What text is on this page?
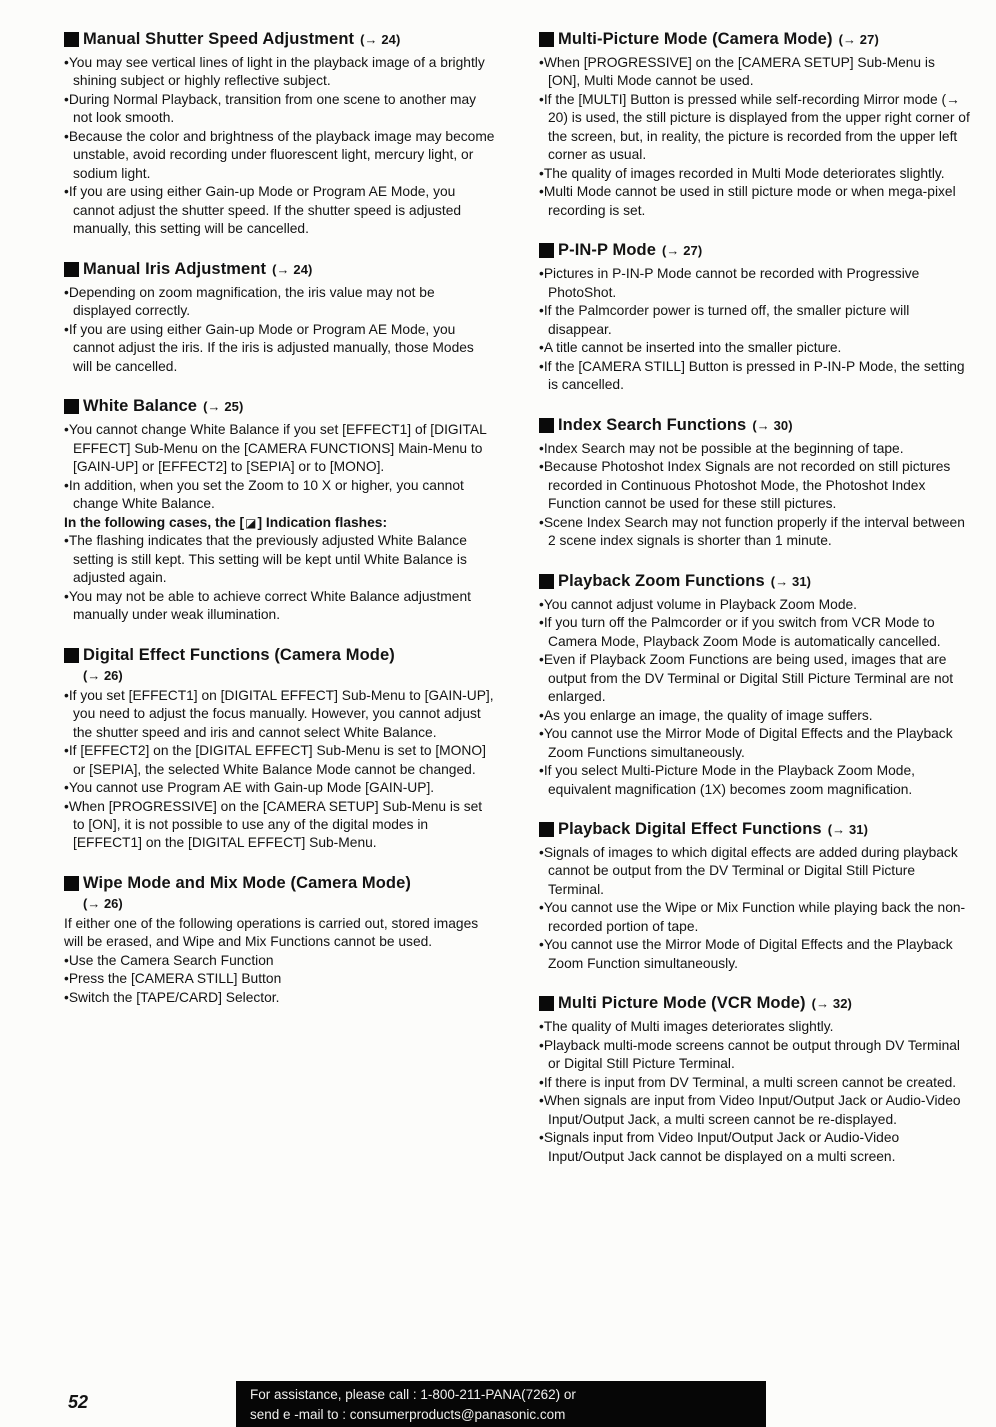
Manual Shutter Speed Adjustment (→ 24)
•You may see vertical lines of light in the playback image of a brightly shining subject or highly reflective subject.
•During Normal Playback, transition from one scene to another may not look smooth.
•Because the color and brightness of the playback image may become unstable, avoid recording under fluorescent light, mercury light, or sodium light.
•If you are using either Gain-up Mode or Program AE Mode, you cannot adjust the shutter speed. If the shutter speed is adjusted manually, this setting will be cancelled.
Manual Iris Adjustment (→ 24)
•Depending on zoom magnification, the iris value may not be displayed correctly.
•If you are using either Gain-up Mode or Program AE Mode, you cannot adjust the iris. If the iris is adjusted manually, those Modes will be cancelled.
White Balance (→ 25)
•You cannot change White Balance if you set [EFFECT1] of [DIGITAL EFFECT] Sub-Menu on the [CAMERA FUNCTIONS] Main-Menu to [GAIN-UP] or [EFFECT2] to [SEPIA] or to [MONO].
•In addition, when you set the Zoom to 10 X or higher, you cannot change White Balance.
In the following cases, the [◪] Indication flashes:
•The flashing indicates that the previously adjusted White Balance setting is still kept. This setting will be kept until White Balance is adjusted again.
•You may not be able to achieve correct White Balance adjustment manually under weak illumination.
Digital Effect Functions (Camera Mode)
(→ 26)
•If you set [EFFECT1] on [DIGITAL EFFECT] Sub-Menu to [GAIN-UP], you need to adjust the focus manually. However, you cannot adjust the shutter speed and iris and cannot select White Balance.
•If [EFFECT2] on the [DIGITAL EFFECT] Sub-Menu is set to [MONO] or [SEPIA], the selected White Balance Mode cannot be changed.
•You cannot use Program AE with Gain-up Mode [GAIN-UP].
•When [PROGRESSIVE] on the [CAMERA SETUP] Sub-Menu is set to [ON], it is not possible to use any of the digital modes in [EFFECT1] on the [DIGITAL EFFECT] Sub-Menu.
Wipe Mode and Mix Mode (Camera Mode)
(→ 26)
If either one of the following operations is carried out, stored images will be erased, and Wipe and Mix Functions cannot be used.
•Use the Camera Search Function
•Press the [CAMERA STILL] Button
•Switch the [TAPE/CARD] Selector.
Multi-Picture Mode (Camera Mode) (→ 27)
•When [PROGRESSIVE] on the [CAMERA SETUP] Sub-Menu is [ON], Multi Mode cannot be used.
•If the [MULTI] Button is pressed while self-recording Mirror mode (→ 20) is used, the still picture is displayed from the upper right corner of the screen, but, in reality, the picture is recorded from the upper left corner as usual.
•The quality of images recorded in Multi Mode deteriorates slightly.
•Multi Mode cannot be used in still picture mode or when mega-pixel recording is set.
P-IN-P Mode (→ 27)
•Pictures in P-IN-P Mode cannot be recorded with Progressive PhotoShot.
•If the Palmcorder power is turned off, the smaller picture will disappear.
•A title cannot be inserted into the smaller picture.
•If the [CAMERA STILL] Button is pressed in P-IN-P Mode, the setting is cancelled.
Index Search Functions (→ 30)
•Index Search may not be possible at the beginning of tape.
•Because Photoshot Index Signals are not recorded on still pictures recorded in Continuous Photoshot Mode, the Photoshot Index Function cannot be used for these still pictures.
•Scene Index Search may not function properly if the interval between 2 scene index signals is shorter than 1 minute.
Playback Zoom Functions (→ 31)
•You cannot adjust volume in Playback Zoom Mode.
•If you turn off the Palmcorder or if you switch from VCR Mode to Camera Mode, Playback Zoom Mode is automatically cancelled.
•Even if Playback Zoom Functions are being used, images that are output from the DV Terminal or Digital Still Picture Terminal are not enlarged.
•As you enlarge an image, the quality of image suffers.
•You cannot use the Mirror Mode of Digital Effects and the Playback Zoom Functions simultaneously.
•If you select Multi-Picture Mode in the Playback Zoom Mode, equivalent magnification (1X) becomes zoom magnification.
Playback Digital Effect Functions (→ 31)
•Signals of images to which digital effects are added during playback cannot be output from the DV Terminal or Digital Still Picture Terminal.
•You cannot use the Wipe or Mix Function while playing back the non-recorded portion of tape.
•You cannot use the Mirror Mode of Digital Effects and the Playback Zoom Function simultaneously.
Multi Picture Mode (VCR Mode) (→ 32)
•The quality of Multi images deteriorates slightly.
•Playback multi-mode screens cannot be output through DV Terminal or Digital Still Picture Terminal.
•If there is input from DV Terminal, a multi screen cannot be created.
•When signals are input from Video Input/Output Jack or Audio-Video Input/Output Jack, a multi screen cannot be re-displayed.
•Signals input from Video Input/Output Jack or Audio-Video Input/Output Jack cannot be displayed on a multi screen.
52	For assistance, please call : 1-800-211-PANA(7262) or
send e -mail to : consumerproducts@panasonic.com
